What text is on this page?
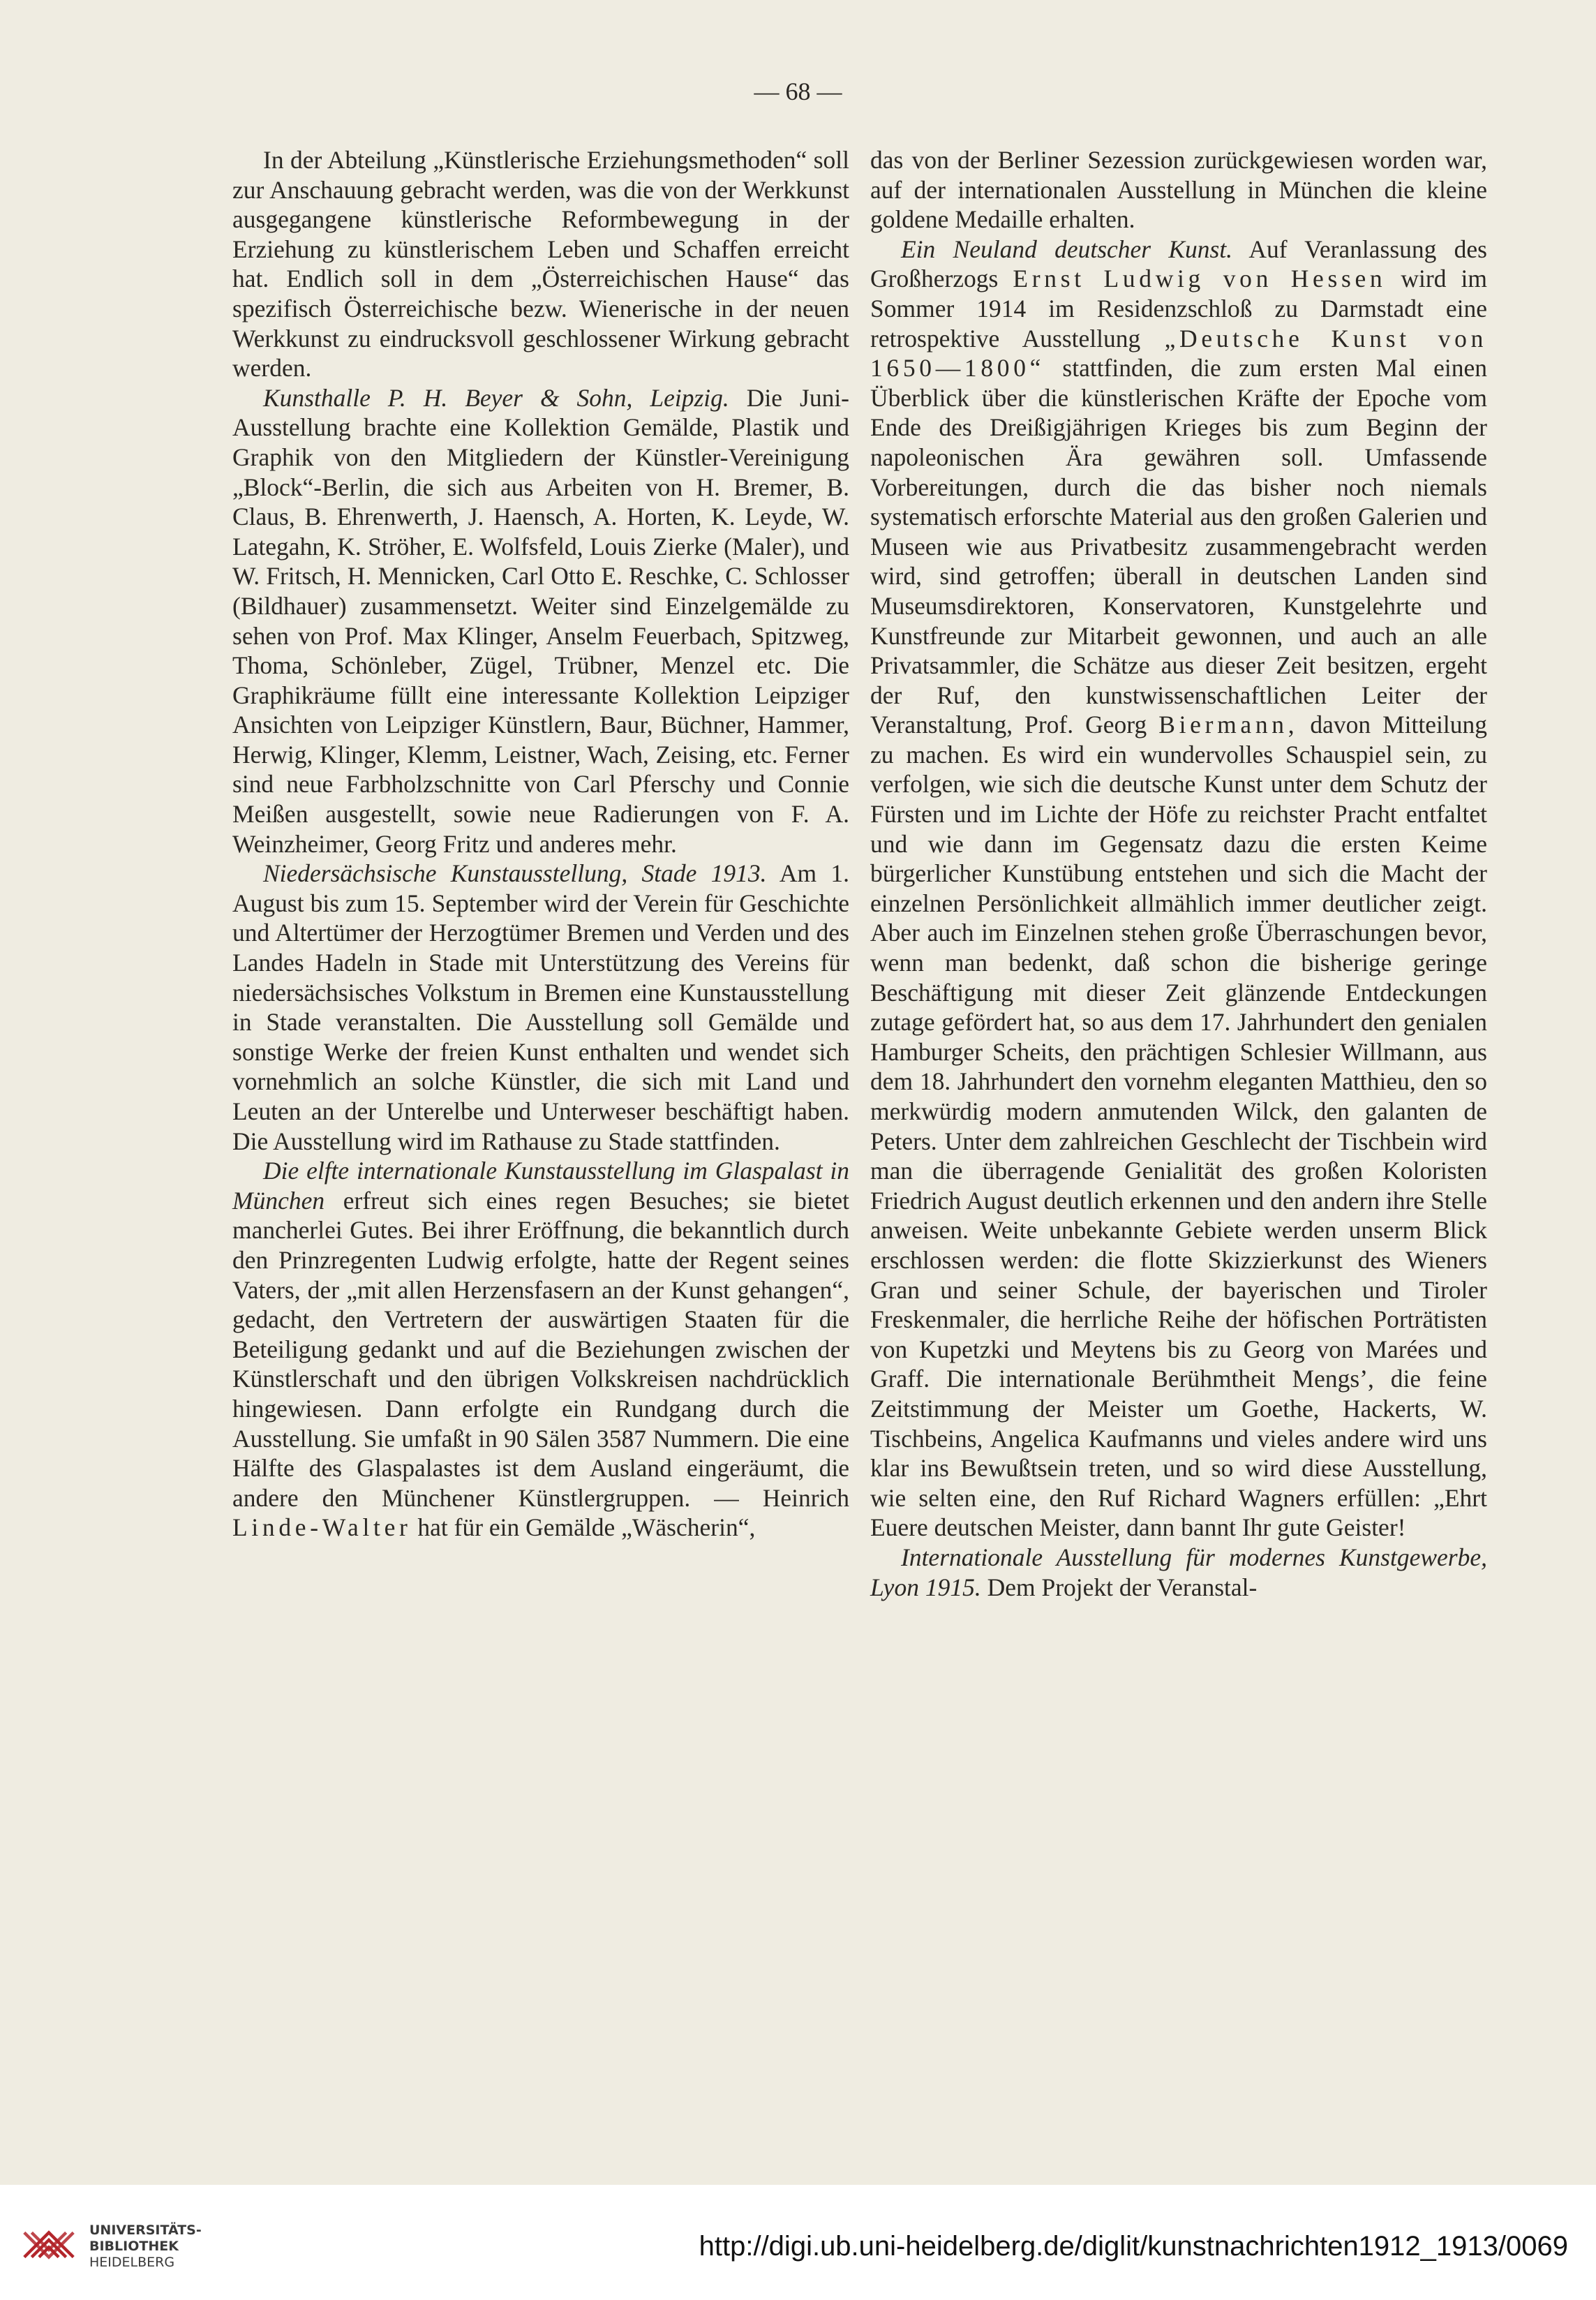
— 68 —

In der Abteilung „Künstlerische Erziehungsmethoden“ soll zur Anschauung gebracht werden, was die von der Werkkunst ausgegangene künstlerische Reformbewegung in der Erziehung zu künstlerischem Leben und Schaffen erreicht hat. Endlich soll in dem „Österreichischen Hause“ das spezifisch Österreichische bezw. Wienerische in der neuen Werkkunst zu eindrucksvoll geschlossener Wirkung gebracht werden.

Kunsthalle P. H. Beyer & Sohn, Leipzig. Die Juni-Ausstellung brachte eine Kollektion Gemälde, Plastik und Graphik von den Mitgliedern der Künstler-Vereinigung „Block“-Berlin, die sich aus Arbeiten von H. Bremer, B. Claus, B. Ehrenwerth, J. Haensch, A. Horten, K. Leyde, W. Lategahn, K. Ströher, E. Wolfsfeld, Louis Zierke (Maler), und W. Fritsch, H. Mennicken, Carl Otto E. Reschke, C. Schlosser (Bildhauer) zusammensetzt. Weiter sind Einzelgemälde zu sehen von Prof. Max Klinger, Anselm Feuerbach, Spitzweg, Thoma, Schönleber, Zügel, Trübner, Menzel etc. Die Graphikräume füllt eine interessante Kollektion Leipziger Ansichten von Leipziger Künstlern, Baur, Büchner, Hammer, Herwig, Klinger, Klemm, Leistner, Wach, Zeising, etc. Ferner sind neue Farbholzschnitte von Carl Pferschy und Connie Meißen ausgestellt, sowie neue Radierungen von F. A. Weinzheimer, Georg Fritz und anderes mehr.

Niedersächsische Kunstausstellung, Stade 1913. Am 1. August bis zum 15. September wird der Verein für Geschichte und Altertümer der Herzogtümer Bremen und Verden und des Landes Hadeln in Stade mit Unterstützung des Vereins für niedersächsisches Volkstum in Bremen eine Kunstausstellung in Stade veranstalten. Die Ausstellung soll Gemälde und sonstige Werke der freien Kunst enthalten und wendet sich vornehmlich an solche Künstler, die sich mit Land und Leuten an der Unterelbe und Unterweser beschäftigt haben. Die Ausstellung wird im Rathause zu Stade stattfinden.

Die elfte internationale Kunstausstellung im Glaspalast in München erfreut sich eines regen Besuches; sie bietet mancherlei Gutes. Bei ihrer Eröffnung, die bekanntlich durch den Prinzregenten Ludwig erfolgte, hatte der Regent seines Vaters, der „mit allen Herzensfasern an der Kunst gehangen“, gedacht, den Vertretern der auswärtigen Staaten für die Beteiligung gedankt und auf die Beziehungen zwischen der Künstlerschaft und den übrigen Volkskreisen nachdrücklich hingewiesen. Dann erfolgte ein Rundgang durch die Ausstellung. Sie umfaßt in 90 Sälen 3587 Nummern. Die eine Hälfte des Glaspalastes ist dem Ausland eingeräumt, die andere den Münchener Künstlergruppen. — Heinrich Linde-Walter hat für ein Gemälde „Wäscherin“,

das von der Berliner Sezession zurückgewiesen worden war, auf der internationalen Ausstellung in München die kleine goldene Medaille erhalten.

Ein Neuland deutscher Kunst. Auf Veranlassung des Großherzogs Ernst Ludwig von Hessen wird im Sommer 1914 im Residenzschloß zu Darmstadt eine retrospektive Ausstellung „Deutsche Kunst von 1650—1800“ stattfinden, die zum ersten Mal einen Überblick über die künstlerischen Kräfte der Epoche vom Ende des Dreißigjährigen Krieges bis zum Beginn der napoleonischen Ära gewähren soll. Umfassende Vorbereitungen, durch die das bisher noch niemals systematisch erforschte Material aus den großen Galerien und Museen wie aus Privatbesitz zusammengebracht werden wird, sind getroffen; überall in deutschen Landen sind Museumsdirektoren, Konservatoren, Kunstgelehrte und Kunstfreunde zur Mitarbeit gewonnen, und auch an alle Privatsammler, die Schätze aus dieser Zeit besitzen, ergeht der Ruf, den kunstwissenschaftlichen Leiter der Veranstaltung, Prof. Georg Biermann, davon Mitteilung zu machen. Es wird ein wundervolles Schauspiel sein, zu verfolgen, wie sich die deutsche Kunst unter dem Schutz der Fürsten und im Lichte der Höfe zu reichster Pracht entfaltet und wie dann im Gegensatz dazu die ersten Keime bürgerlicher Kunstübung entstehen und sich die Macht der einzelnen Persönlichkeit allmählich immer deutlicher zeigt. Aber auch im Einzelnen stehen große Überraschungen bevor, wenn man bedenkt, daß schon die bisherige geringe Beschäftigung mit dieser Zeit glänzende Entdeckungen zutage gefördert hat, so aus dem 17. Jahrhundert den genialen Hamburger Scheits, den prächtigen Schlesier Willmann, aus dem 18. Jahrhundert den vornehm eleganten Matthieu, den so merkwürdig modern anmutenden Wilck, den galanten de Peters. Unter dem zahlreichen Geschlecht der Tischbein wird man die überragende Genialität des großen Koloristen Friedrich August deutlich erkennen und den andern ihre Stelle anweisen. Weite unbekannte Gebiete werden unserm Blick erschlossen werden: die flotte Skizzierkunst des Wieners Gran und seiner Schule, der bayerischen und Tiroler Freskenmaler, die herrliche Reihe der höfischen Porträtisten von Kupetzki und Meytens bis zu Georg von Marées und Graff. Die internationale Berühmtheit Mengs’, die feine Zeitstimmung der Meister um Goethe, Hackerts, W. Tischbeins, Angelica Kaufmanns und vieles andere wird uns klar ins Bewußtsein treten, und so wird diese Ausstellung, wie selten eine, den Ruf Richard Wagners erfüllen: „Ehrt Euere deutschen Meister, dann bannt Ihr gute Geister!

Internationale Ausstellung für modernes Kunstgewerbe, Lyon 1915. Dem Projekt der Veranstal-

UNIVERSITÄTS-
BIBLIOTHEK
HEIDELBERG
http://digi.ub.uni-heidelberg.de/diglit/kunstnachrichten1912_1913/0069
